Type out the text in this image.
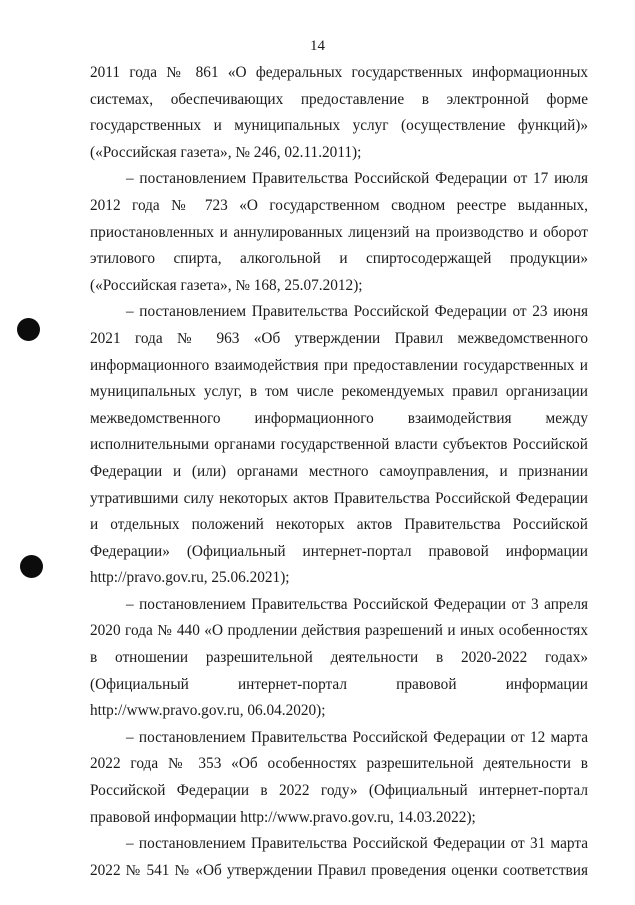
14

2011 года № 861 «О федеральных государственных информационных системах, обеспечивающих предоставление в электронной форме государственных и муниципальных услуг (осуществление функций)» («Российская газета», № 246, 02.11.2011);

– постановлением Правительства Российской Федерации от 17 июля 2012 года № 723 «О государственном сводном реестре выданных, приостановленных и аннулированных лицензий на производство и оборот этилового спирта, алкогольной и спиртосодержащей продукции» («Российская газета», № 168, 25.07.2012);

– постановлением Правительства Российской Федерации от 23 июня 2021 года № 963 «Об утверждении Правил межведомственного информационного взаимодействия при предоставлении государственных и муниципальных услуг, в том числе рекомендуемых правил организации межведомственного информационного взаимодействия между исполнительными органами государственной власти субъектов Российской Федерации и (или) органами местного самоуправления, и признании утратившими силу некоторых актов Правительства Российской Федерации и отдельных положений некоторых актов Правительства Российской Федерации» (Официальный интернет-портал правовой информации http://pravo.gov.ru, 25.06.2021);

– постановлением Правительства Российской Федерации от 3 апреля 2020 года № 440 «О продлении действия разрешений и иных особенностях в отношении разрешительной деятельности в 2020-2022 годах» (Официальный интернет-портал правовой информации http://www.pravo.gov.ru, 06.04.2020);

– постановлением Правительства Российской Федерации от 12 марта 2022 года № 353 «Об особенностях разрешительной деятельности в Российской Федерации в 2022 году» (Официальный интернет-портал правовой информации http://www.pravo.gov.ru, 14.03.2022);

– постановлением Правительства Российской Федерации от 31 марта 2022 № 541 № «Об утверждении Правил проведения оценки соответствия
